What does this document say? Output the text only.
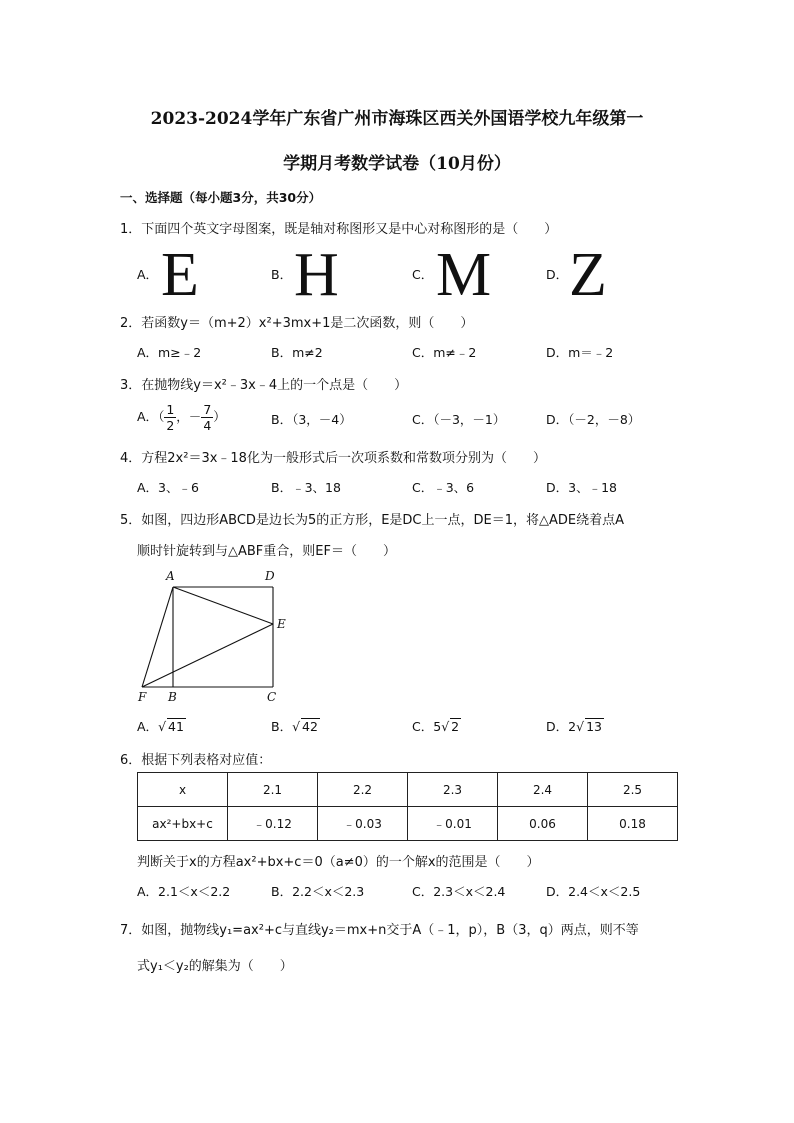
2023-2024学年广东省广州市海珠区西关外国语学校九年级第一
学期月考数学试卷（10月份）
一、选择题（每小题3分，共30分）
1．下面四个英文字母图案，既是轴对称图形又是中心对称图形的是（　　）
A． E	B． H	C． M	D． Z
2．若函数y＝（m+2）x²+3mx+1是二次函数，则（　　）
A．m≥﹣2	B．m≠2	C．m≠﹣2	D．m＝﹣2
3．在抛物线y＝x²﹣3x﹣4上的一个点是（　　）
A．（ $\frac{1}{2}$ ，－ $\frac{7}{4}$ ）	B．（3，－4）	C．（－3，－1）	D．（－2，－8）
4．方程2x²＝3x﹣18化为一般形式后一次项系数和常数项分别为（　　）
A．3、﹣6	B．﹣3、18	C．﹣3、6	D．3、﹣18
5．如图，四边形ABCD是边长为5的正方形，E是DC上一点，DE＝1，将△ADE绕着点A
顺时针旋转到与△ABF重合，则EF＝（　　）
A	D
E
F B	C
A．√ 41	B．√ 42	C．5√ 2	D．2√ 13
6．根据下列表格对应值：
x	2.1	2.2	2.3	2.4	2.5
ax²+bx+c	﹣0.12	﹣0.03	﹣0.01	0.06	0.18
判断关于x的方程ax²+bx+c＝0（a≠0）的一个解x的范围是（　　）
A．2.1＜x＜2.2	B．2.2＜x＜2.3	C．2.3＜x＜2.4	D．2.4＜x＜2.5
7．如图，抛物线y₁=ax²+c与直线y₂＝mx+n交于A（﹣1，p），B（3，q）两点，则不等
式y₁＜y₂的解集为（　　）
